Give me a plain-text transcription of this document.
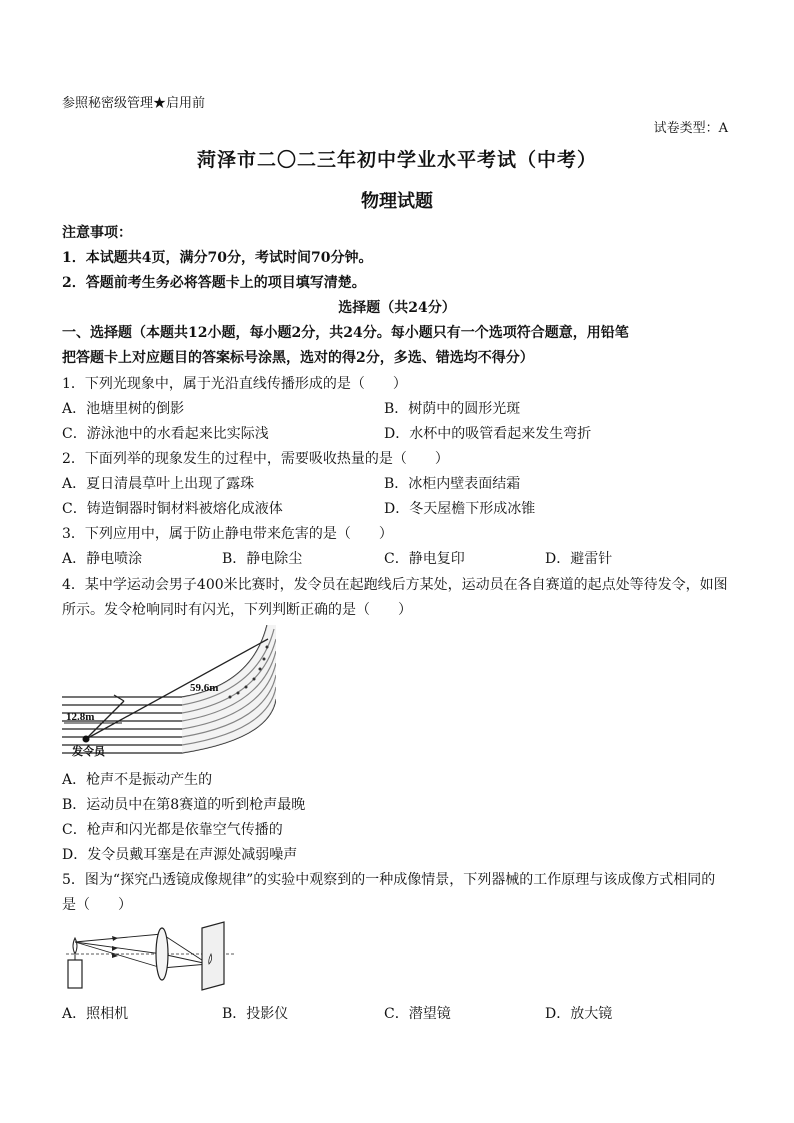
参照秘密级管理★启用前
试卷类型：A
菏泽市二〇二三年初中学业水平考试（中考）
物理试题
注意事项：
1．本试题共4页，满分70分，考试时间70分钟。
2．答题前考生务必将答题卡上的项目填写清楚。
选择题（共24分）
一、选择题（本题共12小题，每小题2分，共24分。每小题只有一个选项符合题意，用铅笔
把答题卡上对应题目的答案标号涂黑，选对的得2分，多选、错选均不得分）
1．下列光现象中，属于光沿直线传播形成的是（　　）
A．池塘里树的倒影	B．树荫中的圆形光斑
C．游泳池中的水看起来比实际浅	D．水杯中的吸管看起来发生弯折
2．下面列举的现象发生的过程中，需要吸收热量的是（　　）
A．夏日清晨草叶上出现了露珠	B．冰柜内壁表面结霜
C．铸造铜器时铜材料被熔化成液体	D．冬天屋檐下形成冰锥
3．下列应用中，属于防止静电带来危害的是（　　）
A．静电喷涂	B．静电除尘	C．静电复印	D．避雷针
4．某中学运动会男子400米比赛时，发令员在起跑线后方某处，运动员在各自赛道的起点处等待发令，如图
所示。发令枪响同时有闪光，下列判断正确的是（　　）
59.6m
12.8m
发令员
A．枪声不是振动产生的
B．运动员中在第8赛道的听到枪声最晚
C．枪声和闪光都是依靠空气传播的
D．发令员戴耳塞是在声源处减弱噪声
5．图为“探究凸透镜成像规律”的实验中观察到的一种成像情景，下列器械的工作原理与该成像方式相同的
是（　　）
A．照相机	B．投影仪	C．潜望镜	D．放大镜
